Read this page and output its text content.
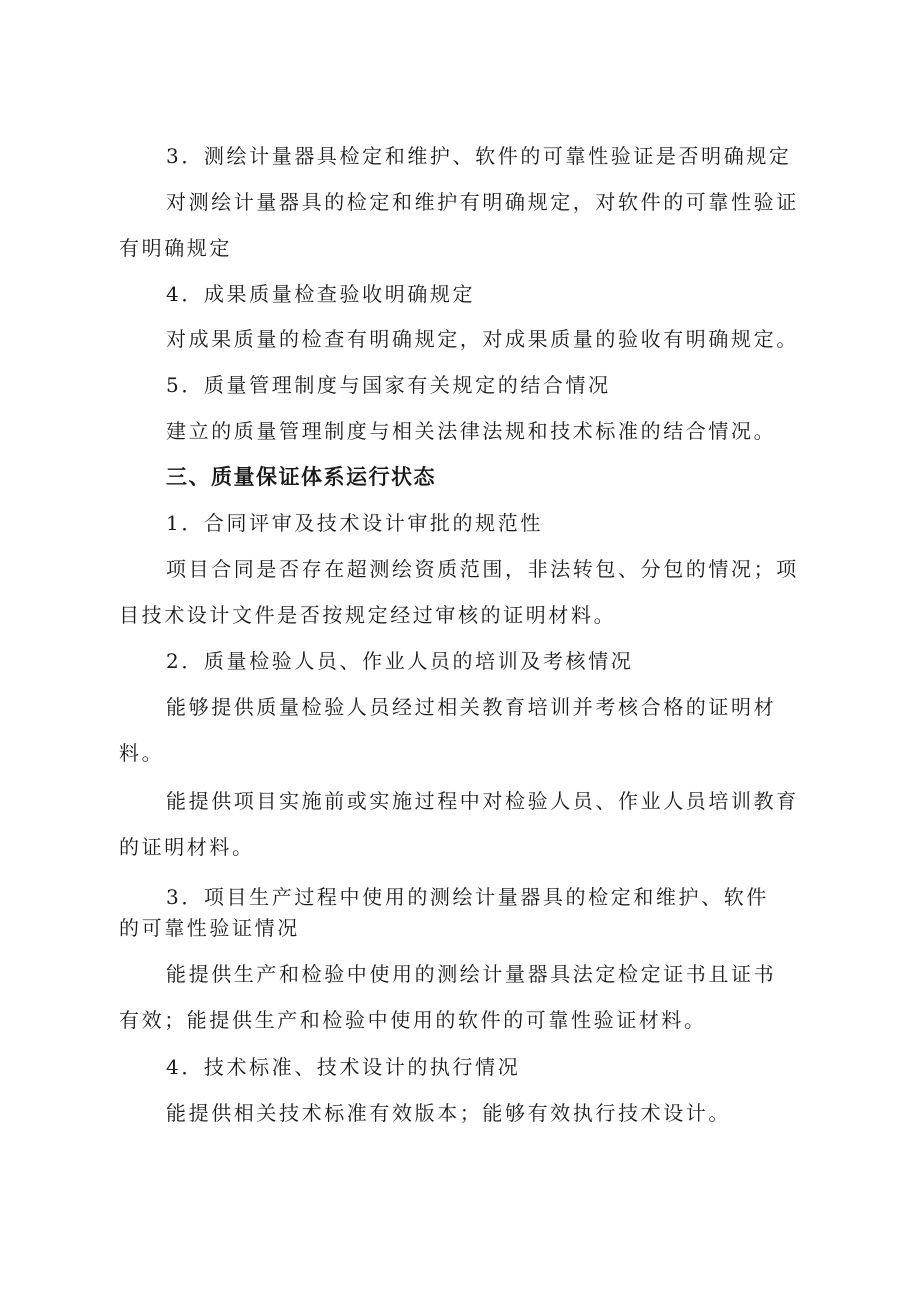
3．测绘计量器具检定和维护、软件的可靠性验证是否明确规定
对测绘计量器具的检定和维护有明确规定，对软件的可靠性验证
有明确规定
4．成果质量检查验收明确规定
对成果质量的检查有明确规定，对成果质量的验收有明确规定。
5．质量管理制度与国家有关规定的结合情况
建立的质量管理制度与相关法律法规和技术标准的结合情况。
三、质量保证体系运行状态
1．合同评审及技术设计审批的规范性
项目合同是否存在超测绘资质范围，非法转包、分包的情况；项
目技术设计文件是否按规定经过审核的证明材料。
2．质量检验人员、作业人员的培训及考核情况
能够提供质量检验人员经过相关教育培训并考核合格的证明材
料。
能提供项目实施前或实施过程中对检验人员、作业人员培训教育
的证明材料。
3．项目生产过程中使用的测绘计量器具的检定和维护、软件
的可靠性验证情况
能提供生产和检验中使用的测绘计量器具法定检定证书且证书
有效；能提供生产和检验中使用的软件的可靠性验证材料。
4．技术标准、技术设计的执行情况
能提供相关技术标准有效版本；能够有效执行技术设计。
